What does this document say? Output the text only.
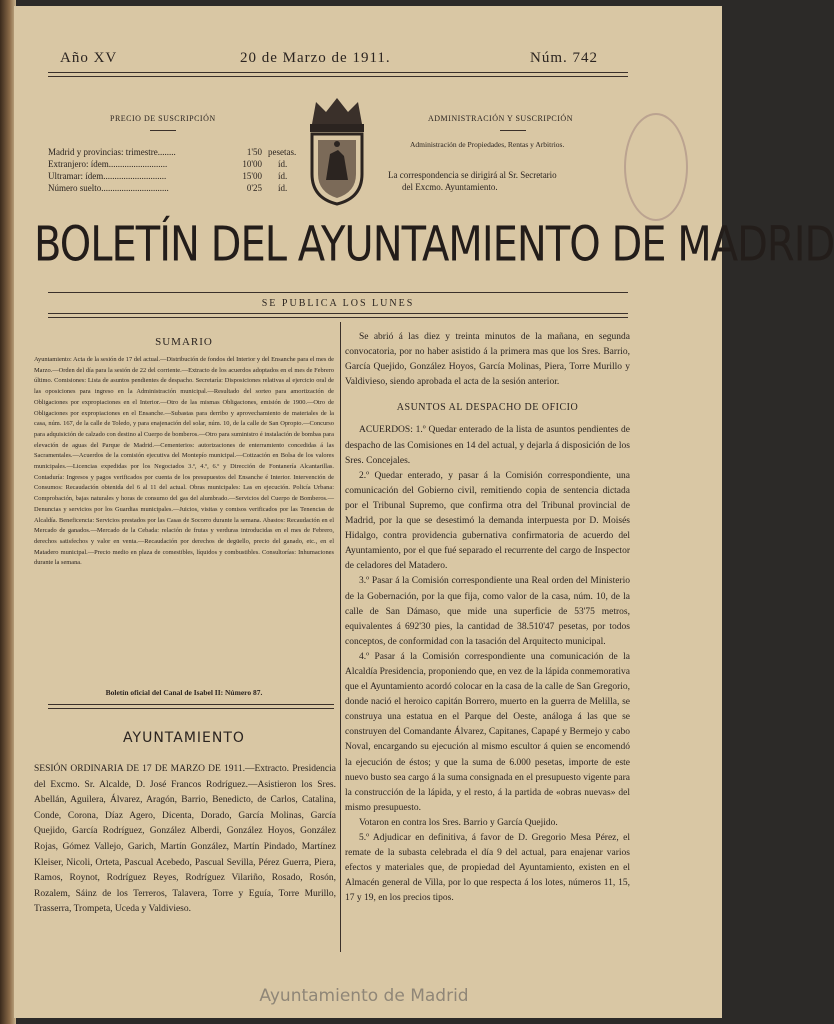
Año XV	20 de Marzo de 1911.	Núm. 742
PRECIO DE SUSCRIPCIÓN
Madrid y provincias: trimestre........	1'50 pesetas.
Extranjero: ídem..........................	10'00 íd.
Ultramar: ídem............................	15'00 íd.
Número suelto..............................	0'25 íd.
ADMINISTRACIÓN Y SUSCRIPCIÓN
Administración de Propiedades, Rentas y Arbitrios.
La correspondencia se dirigirá al Sr. Secretario
del Excmo. Ayuntamiento.
BOLETÍN DEL AYUNTAMIENTO DE MADRID
SE PUBLICA LOS LUNES
SUMARIO
Ayuntamiento: Acta de la sesión de 17 del actual.—Distribución de fondos del Interior y del Ensanche para el mes de Marzo.—Orden del día para la sesión de 22 del corriente.—Extracto de los acuerdos adoptados en el mes de Febrero último. Comisiones: Lista de asuntos pendientes de despacho. Secretaría: Disposiciones relativas al ejercicio oral de las oposiciones para ingreso en la Administración municipal.—Resultado del sorteo para amortización de Obligaciones por expropiaciones en el Interior.—Otro de las mismas Obligaciones, emisión de 1900.—Otro de Obligaciones por expropiaciones en el Ensanche.—Subastas para derribo y aprovechamiento de materiales de la casa, núm. 167, de la calle de Toledo, y para enajenación del solar, núm. 10, de la calle de San Opropio.—Concurso para adquisición de calzado con destino al Cuerpo de bomberos.—Otro para suministro é instalación de bombas para elevación de aguas del Parque de Madrid.—Cementerios: autorizaciones de enterramiento concedidas á las Sacramentales.—Acuerdos de la comisión ejecutiva del Montepío municipal.—Cotización en Bolsa de los valores municipales.—Licencias expedidas por los Negociados 3.º, 4.º, 6.º y Dirección de Fontanería Alcantarillas. Contaduría: Ingresos y pagos verificados por cuenta de los presupuestos del Ensanche é Interior. Intervención de Consumos: Recaudación obtenida del 6 al 11 del actual. Obras municipales: Las en ejecución. Policía Urbana: Comprobación, bajas naturales y horas de consumo del gas del alumbrado.—Servicios del Cuerpo de Bomberos.—Denuncias y servicios por los Guardias municipales.—Juicios, visitas y comisos verificados por las Tenencias de Alcaldía. Beneficencia: Servicios prestados por las Casas de Socorro durante la semana. Abastos: Recaudación en el Mercado de ganados.—Mercado de la Cebada: relación de frutas y verduras introducidas en el mes de Febrero, derechos satisfechos y valor en venta.—Recaudación por derechos de degüello, precio del ganado, etc., en el Matadero municipal.—Precio medio en plaza de comestibles, líquidos y combustibles. Consultorías: Inhumaciones durante la semana.
Boletín oficial del Canal de Isabel II: Número 87.
AYUNTAMIENTO
SESIÓN ORDINARIA DE 17 DE MARZO DE 1911.—Extracto. Presidencia del Excmo. Sr. Alcalde, D. José Francos Rodríguez.—Asistieron los Sres. Abellán, Aguilera, Álvarez, Aragón, Barrio, Benedicto, de Carlos, Catalina, Conde, Corona, Díaz Agero, Dicenta, Dorado, García Molinas, García Quejido, García Rodríguez, González Alberdi, González Hoyos, González Rojas, Gómez Vallejo, Garich, Martín González, Martín Pindado, Martínez Kleiser, Nicoli, Orteta, Pascual Acebedo, Pascual Sevilla, Pérez Guerra, Piera, Ramos, Roynot, Rodríguez Reyes, Rodríguez Vilariño, Rosado, Rosón, Rozalem, Sáinz de los Terreros, Talavera, Torre y Eguía, Torre Murillo, Trasserra, Trompeta, Uceda y Valdivieso.

Se abrió á las diez y treinta minutos de la mañana, en segunda convocatoria, por no haber asistido á la primera mas que los Sres. Barrio, García Quejido, González Hoyos, García Molinas, Piera, Torre Murillo y Valdivieso, siendo aprobada el acta de la sesión anterior.

ASUNTOS AL DESPACHO DE OFICIO

ACUERDOS: 1.º Quedar enterado de la lista de asuntos pendientes de despacho de las Comisiones en 14 del actual, y dejarla á disposición de los Sres. Concejales.

2.º Quedar enterado, y pasar á la Comisión correspondiente, una comunicación del Gobierno civil, remitiendo copia de sentencia dictada por el Tribunal Supremo, que confirma otra del Tribunal provincial de Madrid, por la que se desestimó la demanda interpuesta por D. Moisés Hidalgo, contra providencia gubernativa confirmatoria de acuerdo del Ayuntamiento, por el que fué separado el recurrente del cargo de Inspector de celadores del Matadero.

3.º Pasar á la Comisión correspondiente una Real orden del Ministerio de la Gobernación, por la que fija, como valor de la casa, núm. 10, de la calle de San Dámaso, que mide una superficie de 53'75 metros, equivalentes á 692'30 pies, la cantidad de 38.510'47 pesetas, por todos conceptos, de conformidad con la tasación del Arquitecto municipal.

4.º Pasar á la Comisión correspondiente una comunicación de la Alcaldía Presidencia, proponiendo que, en vez de la lápida conmemorativa que el Ayuntamiento acordó colocar en la casa de la calle de San Gregorio, donde nació el heroico capitán Borrero, muerto en la guerra de Melilla, se construya una estatua en el Parque del Oeste, análoga á las que se construyen del Comandante Álvarez, Capitanes, Capapé y Bermejo y cabo Noval, encargando su ejecución al mismo escultor á quien se encomendó la ejecución de éstos; y que la suma de 6.000 pesetas, importe de este nuevo busto sea cargo á la suma consignada en el presupuesto vigente para la construcción de la lápida, y el resto, á la partida de «obras nuevas» del mismo presupuesto.

Votaron en contra los Sres. Barrio y García Quejido.

5.º Adjudicar en definitiva, á favor de D. Gregorio Mesa Pérez, el remate de la subasta celebrada el día 9 del actual, para enajenar varios efectos y materiales que, de propiedad del Ayuntamiento, existen en el Almacén general de Villa, por lo que respecta á los lotes, números 11, 15, 17 y 19, en los precios tipos.

Ayuntamiento de Madrid
